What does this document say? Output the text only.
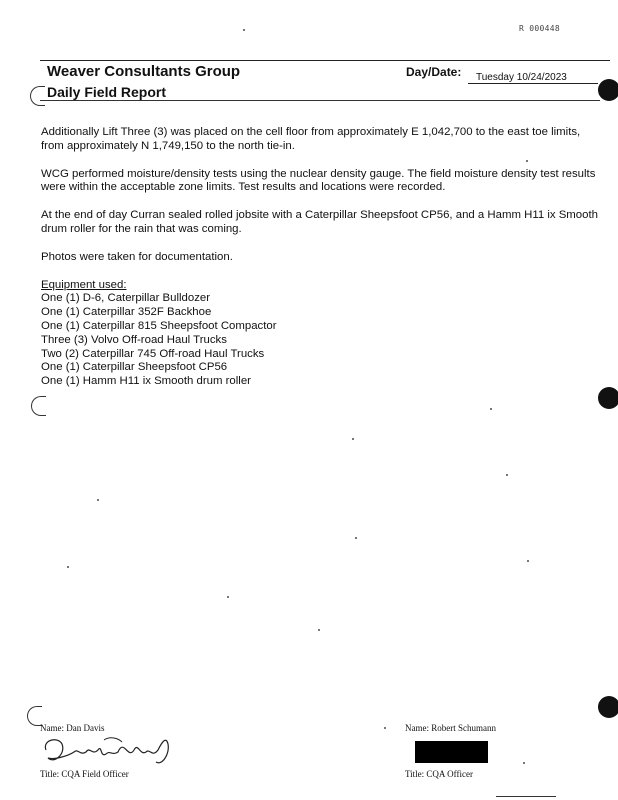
R 000448
Weaver Consultants Group
Daily Field Report
Day/Date: Tuesday 10/24/2023

Additionally Lift Three (3) was placed on the cell floor from approximately E 1,042,700 to the east toe limits, from approximately N 1,749,150 to the north tie-in.

WCG performed moisture/density tests using the nuclear density gauge. The field moisture density test results were within the acceptable zone limits. Test results and locations were recorded.

At the end of day Curran sealed rolled jobsite with a Caterpillar Sheepsfoot CP56, and a Hamm H11 ix Smooth drum roller for the rain that was coming.

Photos were taken for documentation.

Equipment used:
One (1) D-6, Caterpillar Bulldozer
One (1) Caterpillar 352F Backhoe
One (1) Caterpillar 815 Sheepsfoot Compactor
Three (3) Volvo Off-road Haul Trucks
Two (2) Caterpillar 745 Off-road Haul Trucks
One (1) Caterpillar Sheepsfoot CP56
One (1) Hamm H11 ix Smooth drum roller
Name: Dan Davis
Title: CQA Field Officer
Name: Robert Schumann
Title: CQA Officer
